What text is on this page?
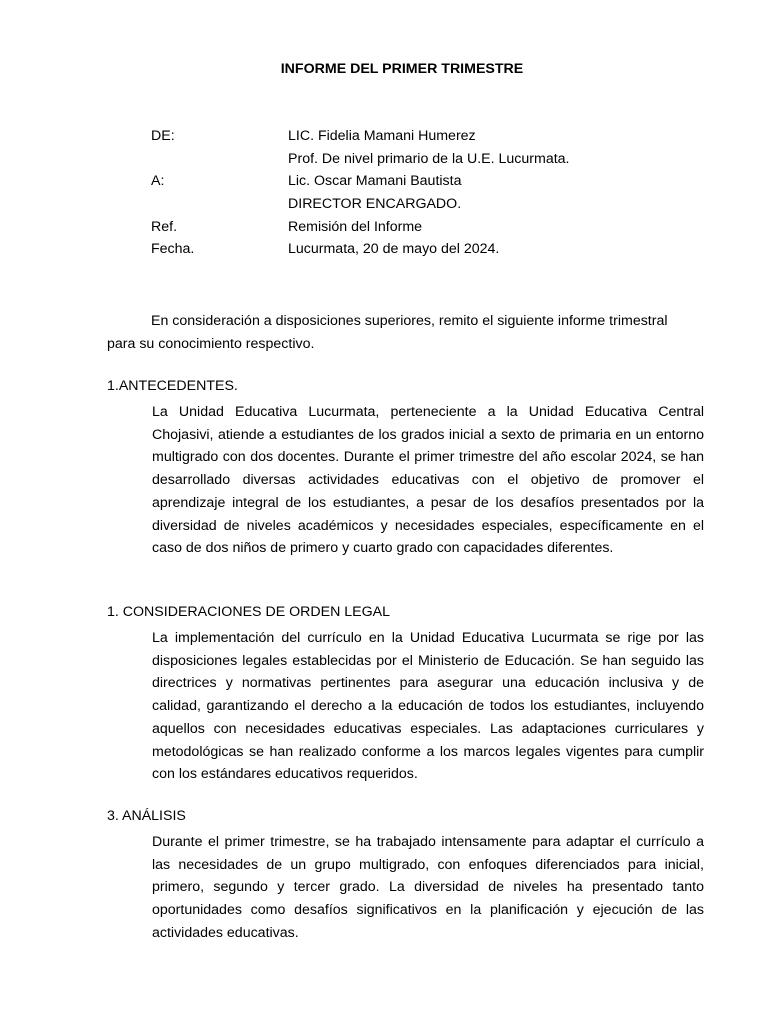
INFORME DEL PRIMER TRIMESTRE
DE:	LIC. Fidelia Mamani Humerez
Prof. De nivel primario de la U.E. Lucurmata.
A:	Lic. Oscar Mamani Bautista
DIRECTOR ENCARGADO.
Ref.	Remisión del Informe
Fecha.	Lucurmata, 20 de mayo del 2024.
En consideración a disposiciones superiores, remito el siguiente informe trimestral para su conocimiento respectivo.
1.ANTECEDENTES.
La Unidad Educativa Lucurmata, perteneciente a la Unidad Educativa Central Chojasivi, atiende a estudiantes de los grados inicial a sexto de primaria en un entorno multigrado con dos docentes. Durante el primer trimestre del año escolar 2024, se han desarrollado diversas actividades educativas con el objetivo de promover el aprendizaje integral de los estudiantes, a pesar de los desafíos presentados por la diversidad de niveles académicos y necesidades especiales, específicamente en el caso de dos niños de primero y cuarto grado con capacidades diferentes.
1. CONSIDERACIONES DE ORDEN LEGAL
La implementación del currículo en la Unidad Educativa Lucurmata se rige por las disposiciones legales establecidas por el Ministerio de Educación. Se han seguido las directrices y normativas pertinentes para asegurar una educación inclusiva y de calidad, garantizando el derecho a la educación de todos los estudiantes, incluyendo aquellos con necesidades educativas especiales. Las adaptaciones curriculares y metodológicas se han realizado conforme a los marcos legales vigentes para cumplir con los estándares educativos requeridos.
3. ANÁLISIS
Durante el primer trimestre, se ha trabajado intensamente para adaptar el currículo a las necesidades de un grupo multigrado, con enfoques diferenciados para inicial, primero, segundo y tercer grado. La diversidad de niveles ha presentado tanto oportunidades como desafíos significativos en la planificación y ejecución de las actividades educativas.
